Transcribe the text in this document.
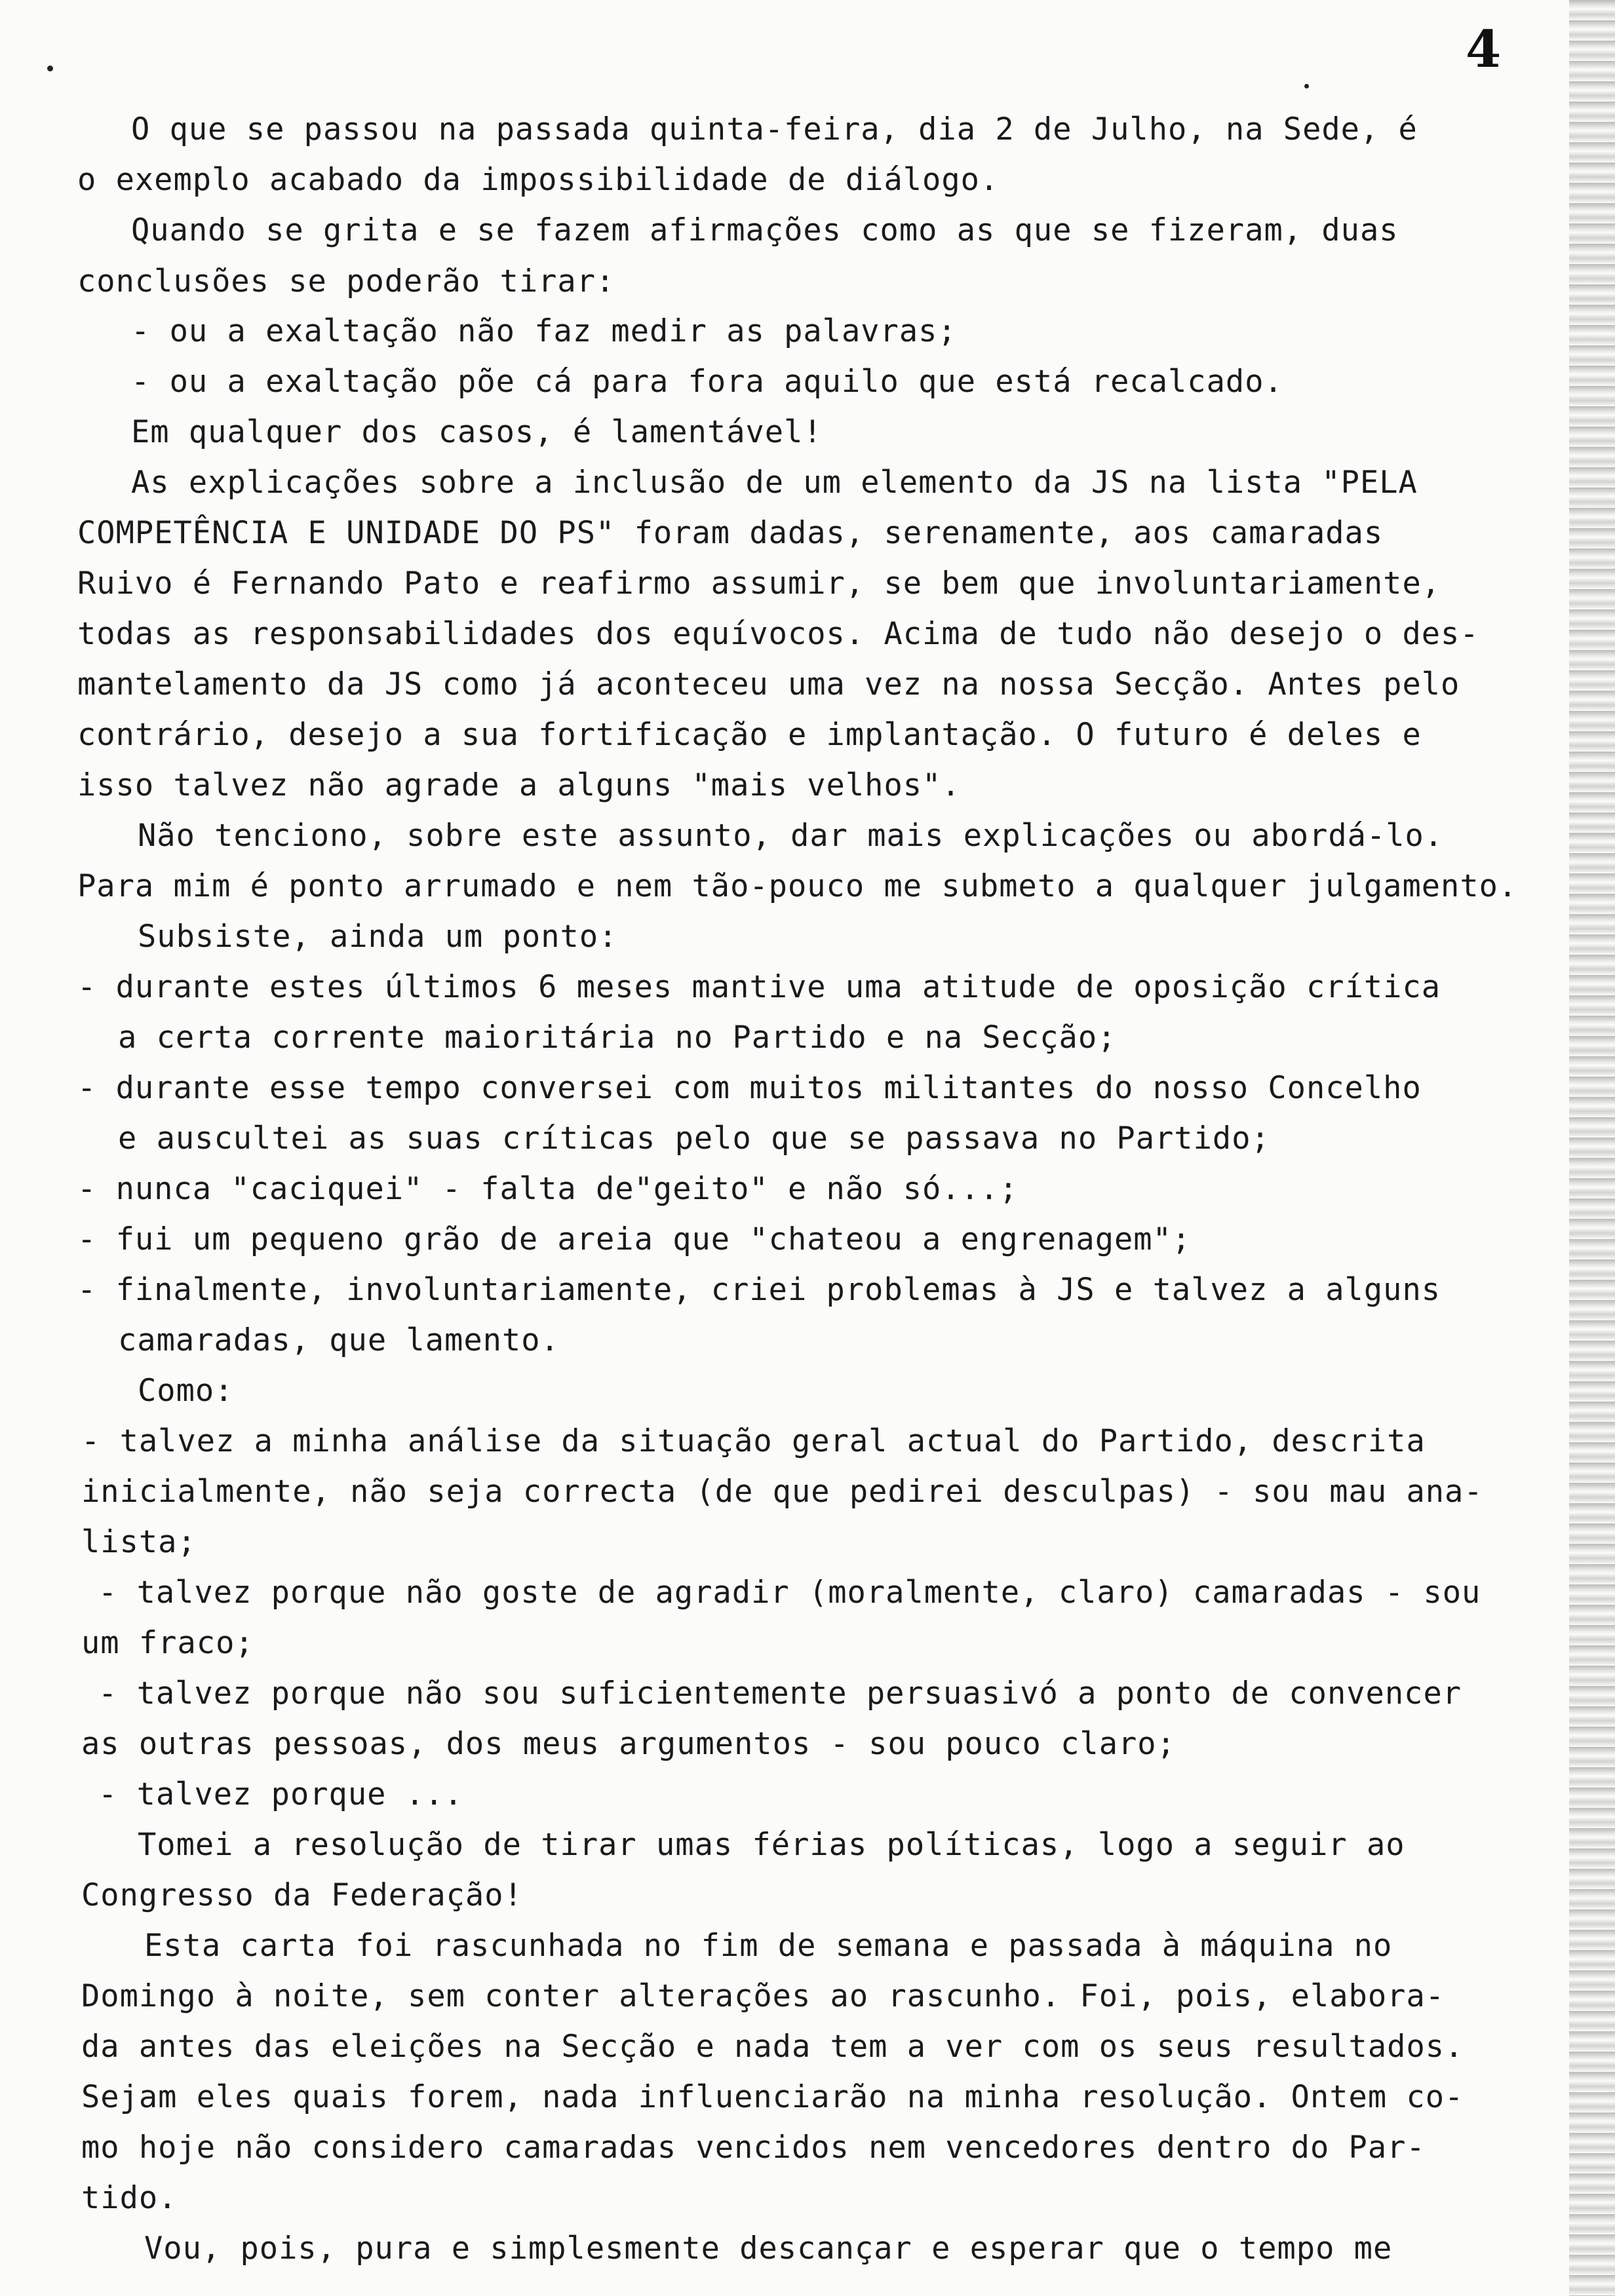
4
O que se passou na passada quinta-feira, dia 2 de Julho, na Sede, é
o exemplo acabado da impossibilidade de diálogo.
Quando se grita e se fazem afirmações como as que se fizeram, duas
conclusões se poderão tirar:
- ou a exaltação não faz medir as palavras;
- ou a exaltação põe cá para fora aquilo que está recalcado.
Em qualquer dos casos, é lamentável!
As explicações sobre a inclusão de um elemento da JS na lista "PELA
COMPETÊNCIA E UNIDADE DO PS" foram dadas, serenamente, aos camaradas
Ruivo é Fernando Pato e reafirmo assumir, se bem que involuntariamente,
todas as responsabilidades dos equívocos. Acima de tudo não desejo o des-
mantelamento da JS como já aconteceu uma vez na nossa Secção. Antes pelo
contrário, desejo a sua fortificação e implantação. O futuro é deles e
isso talvez não agrade a alguns "mais velhos".
Não tenciono, sobre este assunto, dar mais explicações ou abordá-lo.
Para mim é ponto arrumado e nem tão-pouco me submeto a qualquer julgamento.
Subsiste, ainda um ponto:
- durante estes últimos 6 meses mantive uma atitude de oposição crítica
a certa corrente maioritária no Partido e na Secção;
- durante esse tempo conversei com muitos militantes do nosso Concelho
e auscultei as suas críticas pelo que se passava no Partido;
- nunca "caciquei" - falta de"geito" e não só...;
- fui um pequeno grão de areia que "chateou a engrenagem";
- finalmente, involuntariamente, criei problemas à JS e talvez a alguns
camaradas, que lamento.
Como:
- talvez a minha análise da situação geral actual do Partido, descrita
inicialmente, não seja correcta (de que pedirei desculpas) - sou mau ana-
lista;
- talvez porque não goste de agradir (moralmente, claro) camaradas - sou
um fraco;
- talvez porque não sou suficientemente persuasivó a ponto de convencer
as outras pessoas, dos meus argumentos - sou pouco claro;
- talvez porque ...
Tomei a resolução de tirar umas férias políticas, logo a seguir ao
Congresso da Federação!
Esta carta foi rascunhada no fim de semana e passada à máquina no
Domingo à noite, sem conter alterações ao rascunho. Foi, pois, elabora-
da antes das eleições na Secção e nada tem a ver com os seus resultados.
Sejam eles quais forem, nada influenciarão na minha resolução. Ontem co-
mo hoje não considero camaradas vencidos nem vencedores dentro do Par-
tido.
Vou, pois, pura e simplesmente descançar e esperar que o tempo me
